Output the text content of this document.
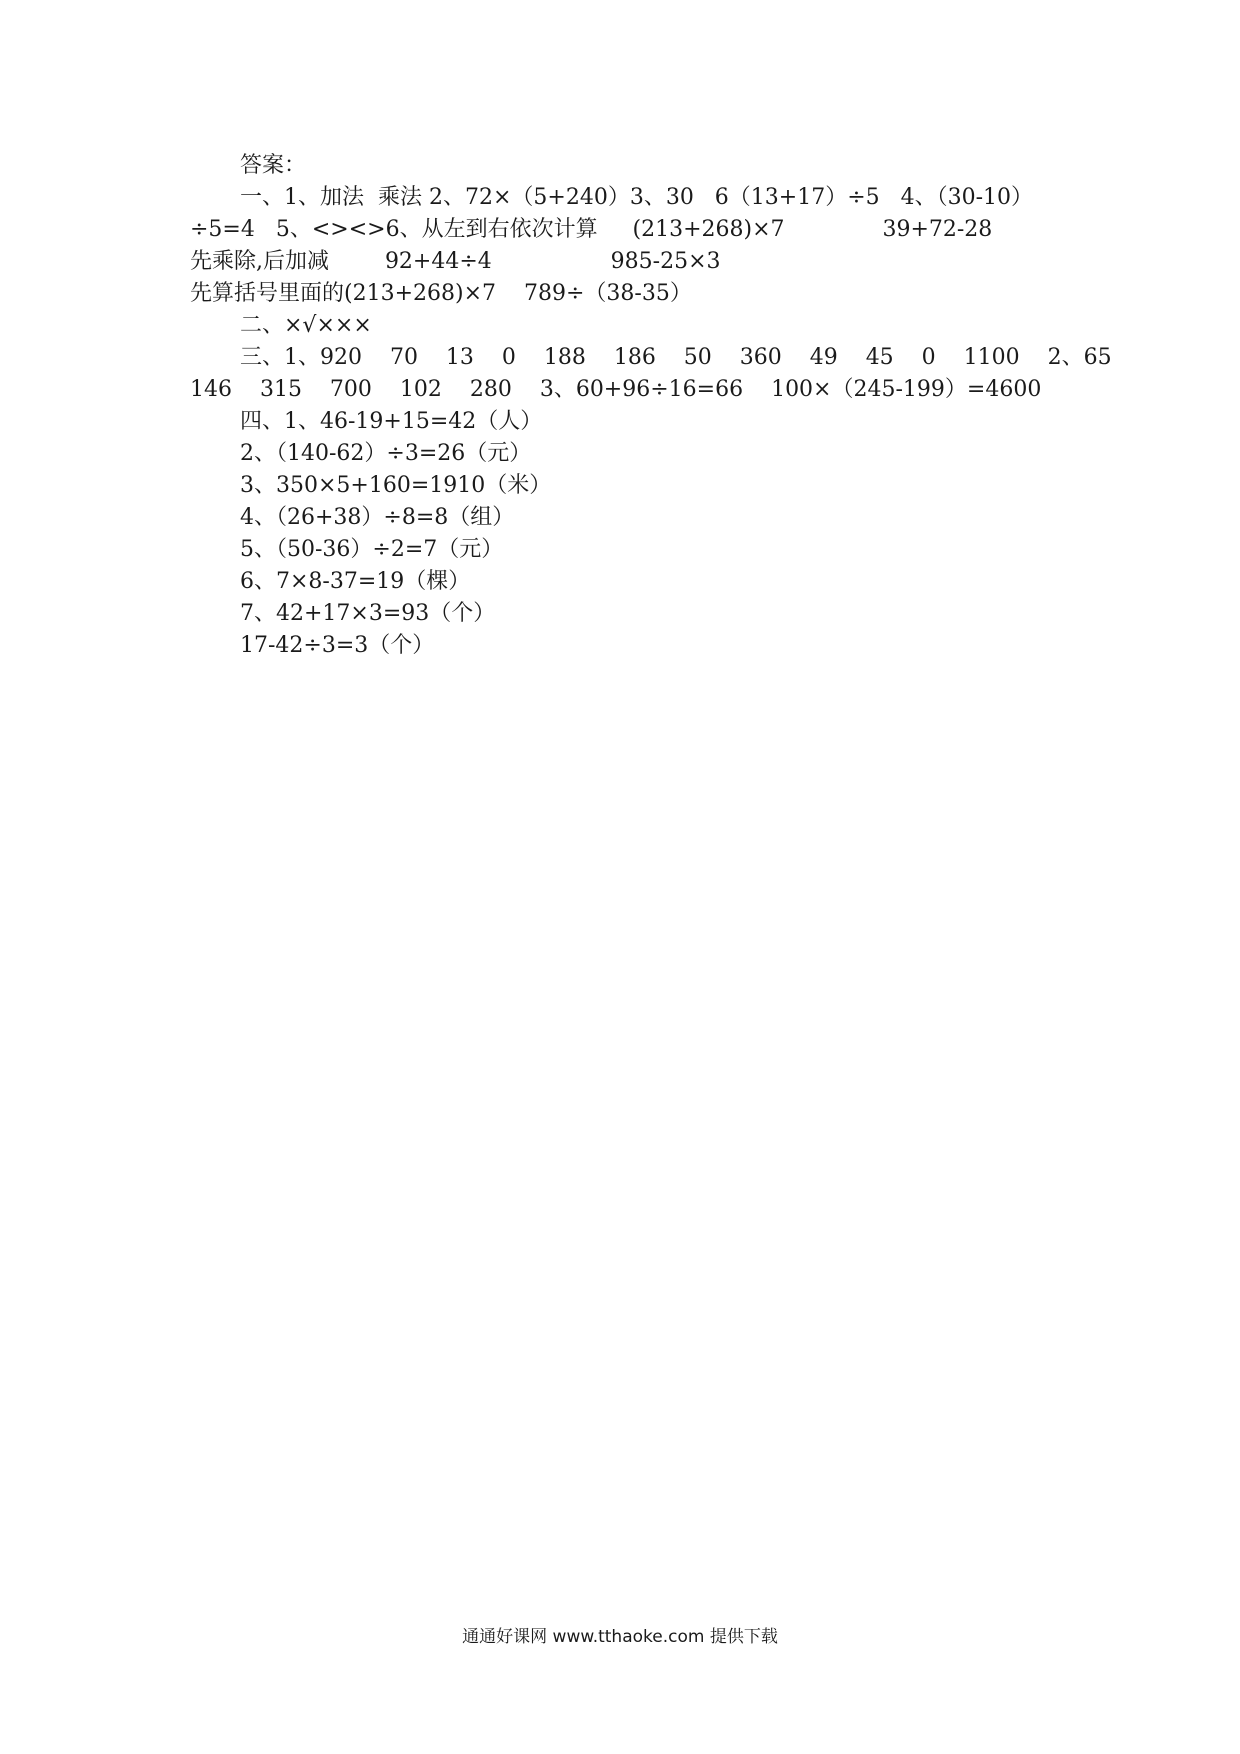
答案：
一、1、加法  乘法 2、72×（5+240）3、30   6（13+17）÷5   4、（30-10）
÷5=4   5、<><>6、从左到右依次计算     (213+268)×7              39+72-28
先乘除,后加减        92+44÷4                 985-25×3
先算括号里面的(213+268)×7    789÷（38-35）
二、×√×××
三、1、920    70    13    0    188    186    50    360    49    45    0    1100    2、65
146    315    700    102    280    3、60+96÷16=66    100×（245-199）=4600
四、1、46-19+15=42（人）
2、（140-62）÷3=26（元）
3、350×5+160=1910（米）
4、（26+38）÷8=8（组）
5、（50-36）÷2=7（元）
6、7×8-37=19（棵）
7、42+17×3=93（个）
17-42÷3=3（个）
通通好课网 www.tthaoke.com 提供下载
